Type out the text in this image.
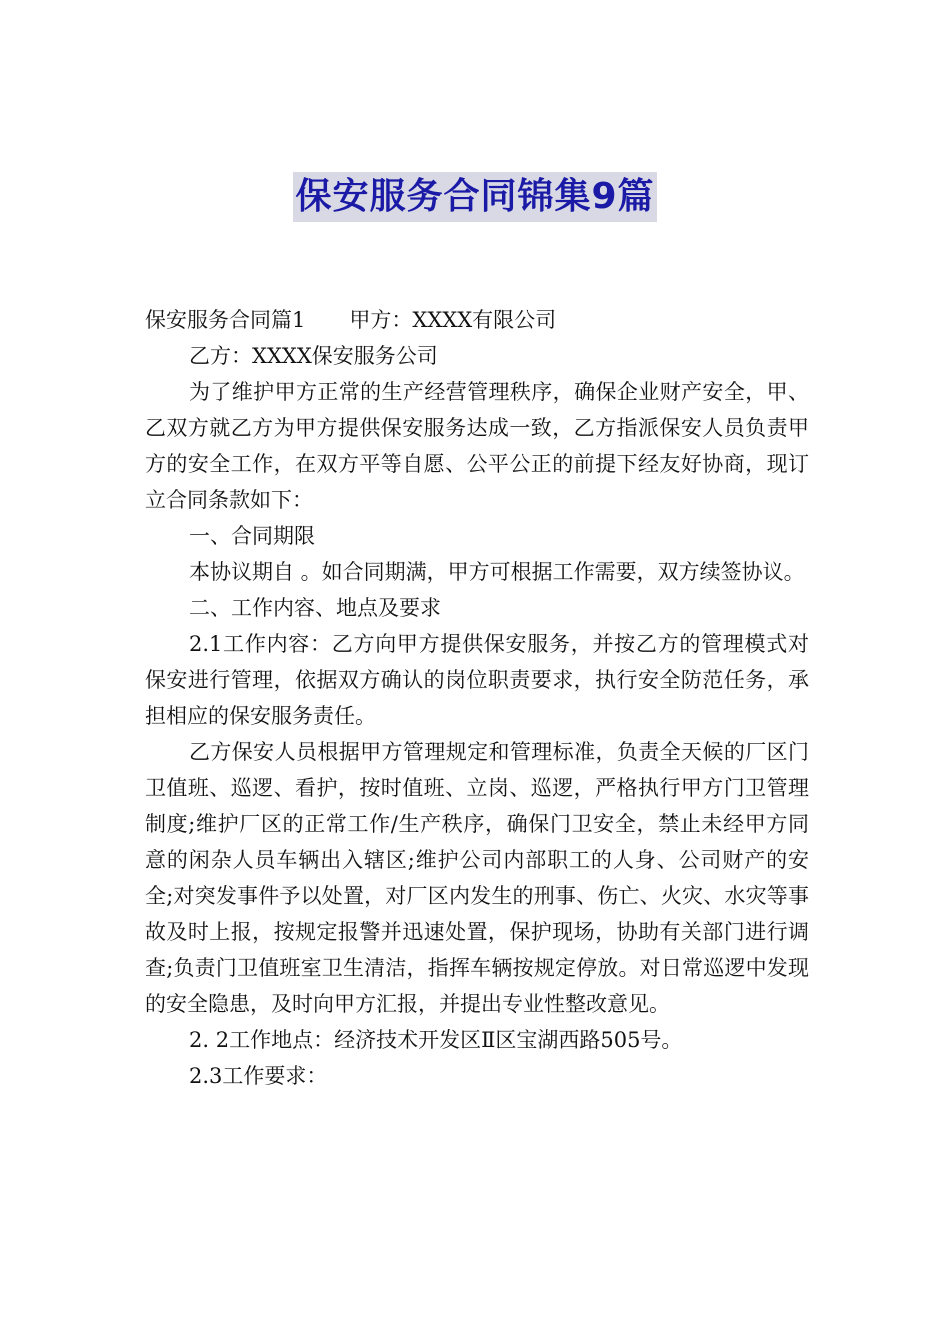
保安服务合同锦集9篇

保安服务合同篇1 甲方：XXXX有限公司

乙方：XXXX保安服务公司

为了维护甲方正常的生产经营管理秩序，确保企业财产安全，甲、乙双方就乙方为甲方提供保安服务达成一致，乙方指派保安人员负责甲方的安全工作，在双方平等自愿、公平公正的前提下经友好协商，现订立合同条款如下：

一、合同期限

本协议期自 。如合同期满，甲方可根据工作需要，双方续签协议。

二、工作内容、地点及要求

2.1工作内容：乙方向甲方提供保安服务，并按乙方的管理模式对保安进行管理，依据双方确认的岗位职责要求，执行安全防范任务，承担相应的保安服务责任。

乙方保安人员根据甲方管理规定和管理标准，负责全天候的厂区门卫值班、巡逻、看护，按时值班、立岗、巡逻，严格执行甲方门卫管理制度;维护厂区的正常工作/生产秩序，确保门卫安全，禁止未经甲方同意的闲杂人员车辆出入辖区;维护公司内部职工的人身、公司财产的安全;对突发事件予以处置，对厂区内发生的刑事、伤亡、火灾、水灾等事故及时上报，按规定报警并迅速处置，保护现场，协助有关部门进行调查;负责门卫值班室卫生清洁，指挥车辆按规定停放。对日常巡逻中发现的安全隐患，及时向甲方汇报，并提出专业性整改意见。

2. 2工作地点：经济技术开发区Ⅱ区宝湖西路505号。

2.3工作要求：
